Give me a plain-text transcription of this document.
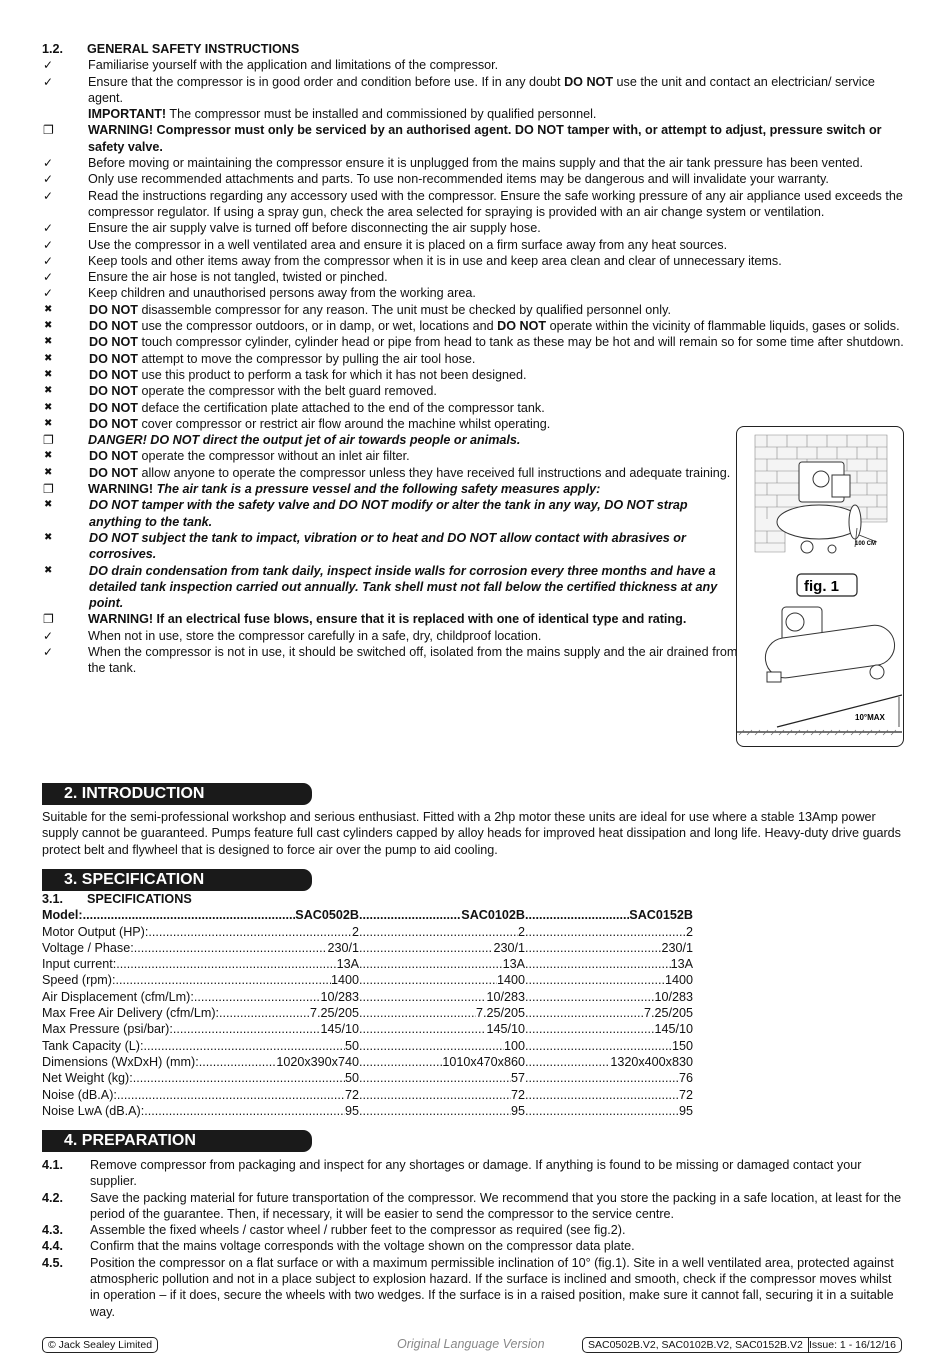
1.2.	GENERAL SAFETY INSTRUCTIONS
✓	Familiarise yourself with the application and limitations of the compressor.
✓	Ensure that the compressor is in good order and condition before use. If in any doubt DO NOT use the unit and contact an electrician/ service agent.
IMPORTANT! The compressor must be installed and commissioned by qualified personnel.
❐	WARNING! Compressor must only be serviced by an authorised agent. DO NOT tamper with, or attempt to adjust, pressure switch or safety valve.
✓	Before moving or maintaining the compressor ensure it is unplugged from the mains supply and that the air tank pressure has been vented.
✓	Only use recommended attachments and parts. To use non-recommended items may be dangerous and will invalidate your warranty.
✓	Read the instructions regarding any accessory used with the compressor. Ensure the safe working pressure of any air appliance used exceeds the compressor regulator. If using a spray gun, check the area selected for spraying is provided with an air change system or ventilation.
✓	Ensure the air supply valve is turned off before disconnecting the air supply hose.
✓	Use the compressor in a well ventilated area and ensure it is placed on a firm surface away from any heat sources.
✓	Keep tools and other items away from the compressor when it is in use and keep area clean and clear of unnecessary items.
✓	Ensure the air hose is not tangled, twisted or pinched.
✓	Keep children and unauthorised persons away from the working area.
✖	DO NOT disassemble compressor for any reason. The unit must be checked by qualified personnel only.
✖	DO NOT use the compressor outdoors, or in damp, or wet, locations and DO NOT operate within the vicinity of flammable liquids, gases or solids.
✖	DO NOT touch compressor cylinder, cylinder head or pipe from head to tank as these may be hot and will remain so for some time after shutdown.
✖	DO NOT attempt to move the compressor by pulling the air tool hose.
✖	DO NOT use this product to perform a task for which it has not been designed.
✖	DO NOT operate the compressor with the belt guard removed.
✖	DO NOT deface the certification plate attached to the end of the compressor tank.
✖	DO NOT cover compressor or restrict air flow around the machine whilst operating.
❐	DANGER! DO NOT direct the output jet of air towards people or animals.
✖	DO NOT operate the compressor without an inlet air filter.
✖	DO NOT allow anyone to operate the compressor unless they have received full instructions and adequate training.
❐	WARNING! The air tank is a pressure vessel and the following safety measures apply:
✖	DO NOT tamper with the safety valve and DO NOT modify or alter the tank in any way, DO NOT strap anything to the tank.
✖	DO NOT subject the tank to impact, vibration or to heat and DO NOT allow contact with abrasives or corrosives.
✖	DO drain condensation from tank daily, inspect inside walls for corrosion every three months and have a detailed tank inspection carried out annually. Tank shell must not fall below the certified thickness at any point.
❐	WARNING! If an electrical fuse blows, ensure that it is replaced with one of identical type and rating.
✓	When not in use, store the compressor carefully in a safe, dry, childproof location.
✓	When the compressor is not in use, it should be switched off, isolated from the mains supply and the air drained from the tank.
100 CM
fig. 1
10°MAX
2. INTRODUCTION
Suitable for the semi-professional workshop and serious enthusiast. Fitted with a 2hp motor these units are ideal for use where a stable 13Amp power supply cannot be guaranteed. Pumps feature full cast cylinders capped by alloy heads for improved heat dissipation and long life. Heavy-duty drive guards protect belt and flywheel that is designed to force air over the pump to aid cooling.
3. SPECIFICATION
3.1.	SPECIFICATIONS
Model: .....	SAC0502B .....	SAC0102B .....	SAC0152B
Motor Output (HP): .....	2 .....	2 .....	2
Voltage / Phase: .....	230/1 .....	230/1 .....	230/1
Input current: .....	13A .....	13A .....	13A
Speed (rpm): .....	1400 .....	1400 .....	1400
Air Displacement (cfm/Lm): .....	10/283 .....	10/283 .....	10/283
Max Free Air Delivery (cfm/Lm): .....	7.25/205 .....	7.25/205 .....	7.25/205
Max Pressure (psi/bar): .....	145/10 .....	145/10 .....	145/10
Tank Capacity (L): .....	50 .....	100 .....	150
Dimensions (WxDxH) (mm): .....	1020x390x740 .....	1010x470x860 .....	1320x400x830
Net Weight (kg): .....	50 .....	57 .....	76
Noise (dB.A): .....	72 .....	72 .....	72
Noise LwA (dB.A): .....	95 .....	95 .....	95
4. PREPARATION
4.1.	Remove compressor from packaging and inspect for any shortages or damage. If anything is found to be missing or damaged contact your supplier.
4.2.	Save the packing material for future transportation of the compressor. We recommend that you store the packing in a safe location, at least for the period of the guarantee. Then, if necessary, it will be easier to send the compressor to the service centre.
4.3.	Assemble the fixed wheels / castor wheel / rubber feet to the compressor as required (see fig.2).
4.4.	Confirm that the mains voltage corresponds with the voltage shown on the compressor data plate.
4.5.	Position the compressor on a flat surface or with a maximum permissible inclination of 10° (fig.1). Site in a well ventilated area, protected against atmospheric pollution and not in a place subject to explosion hazard. If the surface is inclined and smooth, check if the compressor moves whilst in operation – if it does, secure the wheels with two wedges. If the surface is in a raised position, make sure it cannot fall, securing it in a suitable way.
© Jack Sealey Limited	Original Language Version	SAC0502B.V2, SAC0102B.V2, SAC0152B.V2 Issue: 1 - 16/12/16
